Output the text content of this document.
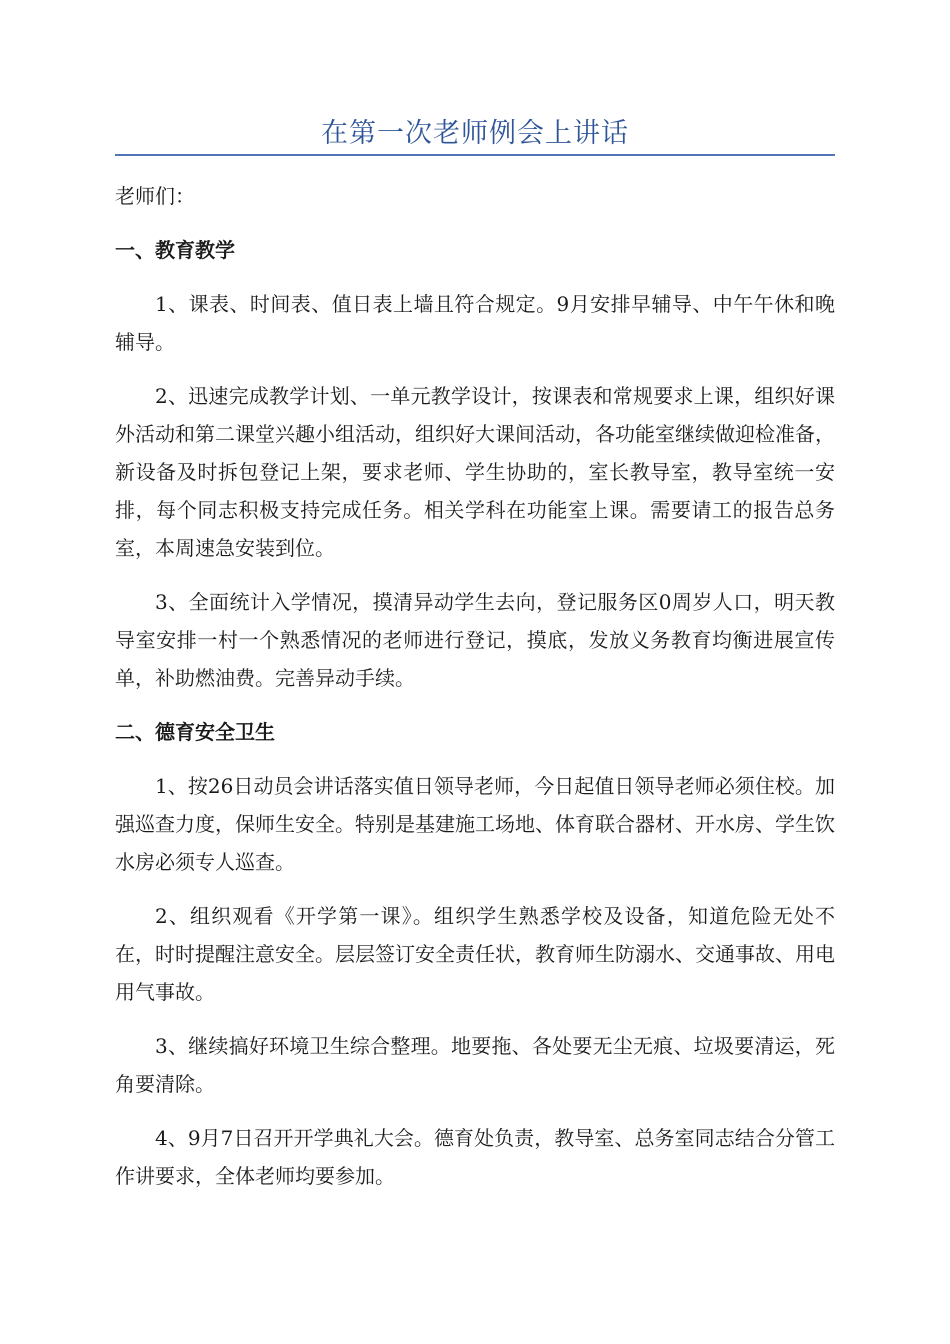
在第一次老师例会上讲话

老师们：

一、教育教学

1、课表、时间表、值日表上墙且符合规定。9月安排早辅导、中午午休和晚辅导。

2、迅速完成教学计划、一单元教学设计，按课表和常规要求上课，组织好课外活动和第二课堂兴趣小组活动，组织好大课间活动，各功能室继续做迎检准备，新设备及时拆包登记上架，要求老师、学生协助的，室长教导室，教导室统一安排，每个同志积极支持完成任务。相关学科在功能室上课。需要请工的报告总务室，本周速急安装到位。

3、全面统计入学情况，摸清异动学生去向，登记服务区0周岁人口，明天教导室安排一村一个熟悉情况的老师进行登记，摸底，发放义务教育均衡进展宣传单，补助燃油费。完善异动手续。

二、德育安全卫生

1、按26日动员会讲话落实值日领导老师，今日起值日领导老师必须住校。加强巡查力度，保师生安全。特别是基建施工场地、体育联合器材、开水房、学生饮水房必须专人巡查。

2、组织观看《开学第一课》。组织学生熟悉学校及设备，知道危险无处不在，时时提醒注意安全。层层签订安全责任状，教育师生防溺水、交通事故、用电用气事故。

3、继续搞好环境卫生综合整理。地要拖、各处要无尘无痕、垃圾要清运，死角要清除。

4、9月7日召开开学典礼大会。德育处负责，教导室、总务室同志结合分管工作讲要求，全体老师均要参加。
